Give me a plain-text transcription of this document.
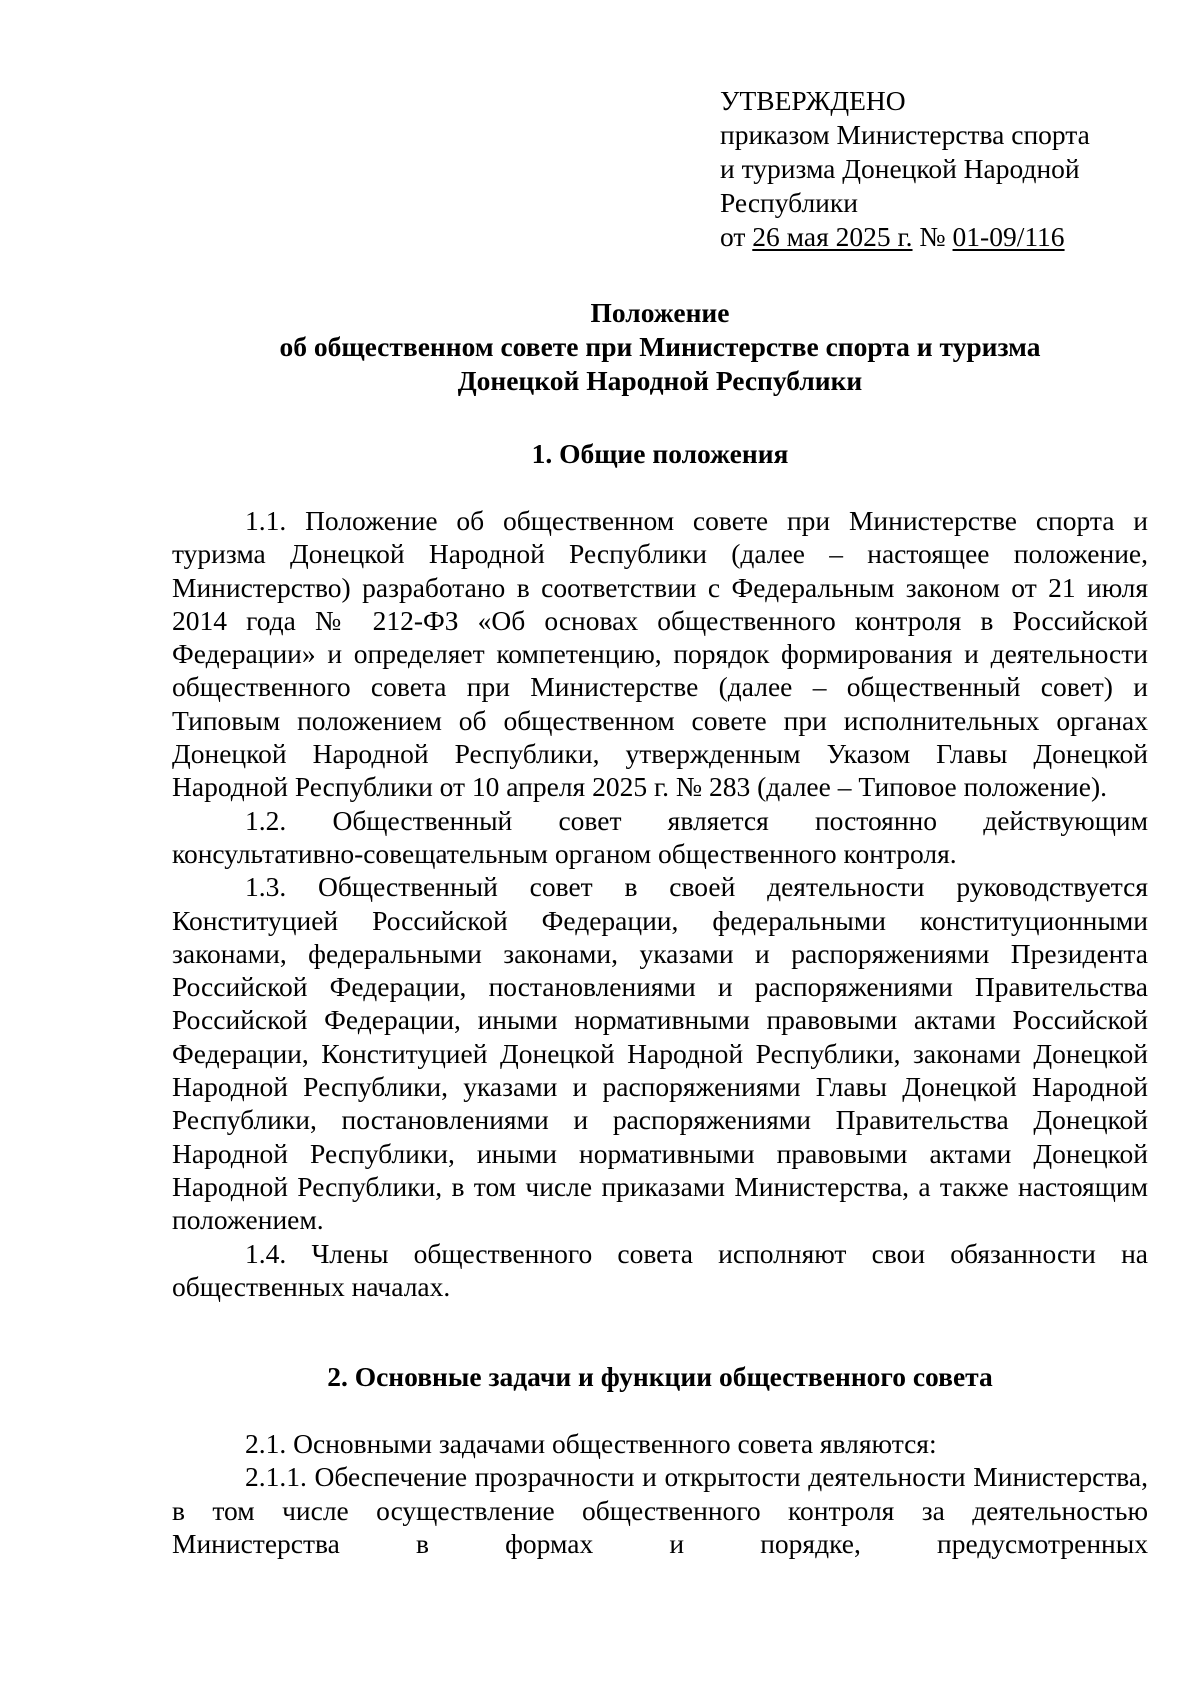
УТВЕРЖДЕНО
приказом Министерства спорта
и туризма Донецкой Народной
Республики
от 26 мая 2025 г. № 01-09/116
Положение
об общественном совете при Министерстве спорта и туризма
Донецкой Народной Республики
1. Общие положения

1.1. Положение об общественном совете при Министерстве спорта и туризма Донецкой Народной Республики (далее – настоящее положение, Министерство) разработано в соответствии с Федеральным законом от 21 июля 2014 года № 212-ФЗ «Об основах общественного контроля в Российской Федерации» и определяет компетенцию, порядок формирования и деятельности общественного совета при Министерстве (далее – общественный совет) и Типовым положением об общественном совете при исполнительных органах Донецкой Народной Республики, утвержденным Указом Главы Донецкой Народной Республики от 10 апреля 2025 г. № 283 (далее – Типовое положение).

1.2. Общественный совет является постоянно действующим консультативно-совещательным органом общественного контроля.

1.3. Общественный совет в своей деятельности руководствуется Конституцией Российской Федерации, федеральными конституционными законами, федеральными законами, указами и распоряжениями Президента Российской Федерации, постановлениями и распоряжениями Правительства Российской Федерации, иными нормативными правовыми актами Российской Федерации, Конституцией Донецкой Народной Республики, законами Донецкой Народной Республики, указами и распоряжениями Главы Донецкой Народной Республики, постановлениями и распоряжениями Правительства Донецкой Народной Республики, иными нормативными правовыми актами Донецкой Народной Республики, в том числе приказами Министерства, а также настоящим положением.

1.4. Члены общественного совета исполняют свои обязанности на общественных началах.

2. Основные задачи и функции общественного совета

2.1. Основными задачами общественного совета являются:

2.1.1. Обеспечение прозрачности и открытости деятельности Министерства, в том числе осуществление общественного контроля за деятельностью Министерства в формах и порядке, предусмотренных
